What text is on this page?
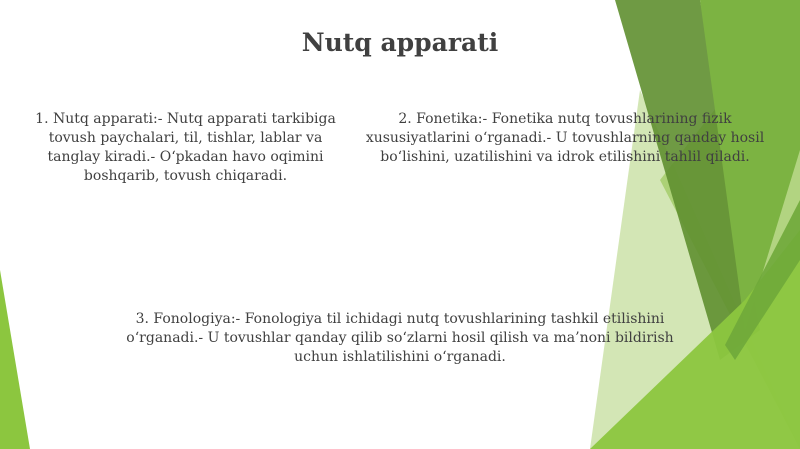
Nutq apparati
1. Nutq apparati:- Nutq apparati tarkibiga tovush paychalari, til, tishlar, lablar va tanglay kiradi.- O‘pkadan havo oqimini boshqarib, tovush chiqaradi.
2. Fonetika:- Fonetika nutq tovushlarining fizik xususiyatlarini o‘rganadi.- U tovushlarning qanday hosil bo‘lishini, uzatilishini va idrok etilishini tahlil qiladi.
3. Fonologiya:- Fonologiya til ichidagi nutq tovushlarining tashkil etilishini o‘rganadi.- U tovushlar qanday qilib so‘zlarni hosil qilish va ma’noni bildirish uchun ishlatilishini o‘rganadi.
